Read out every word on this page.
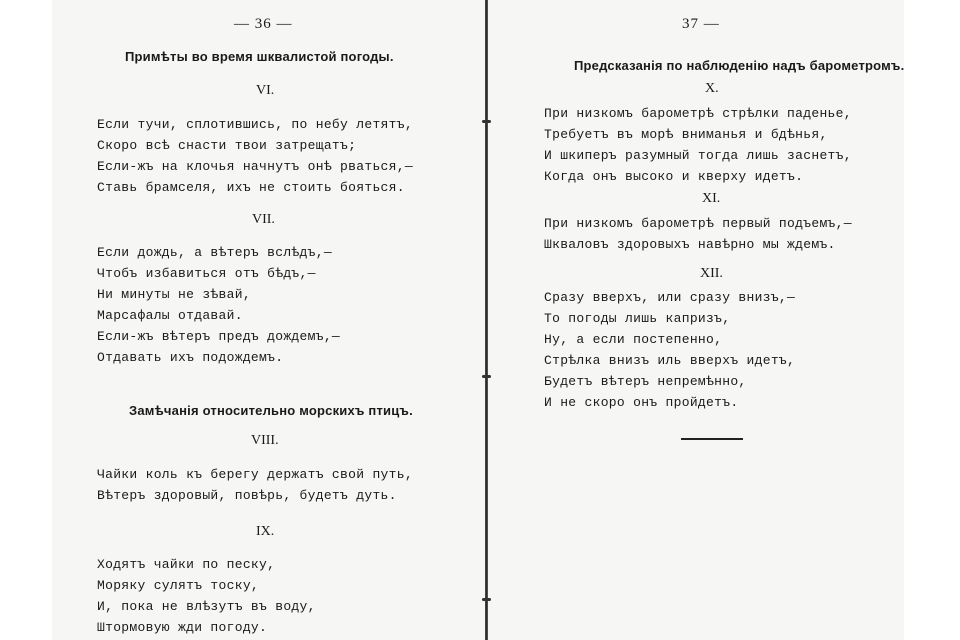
— 36 —
Примѣты во время шквалистой погоды.
VI.
Если тучи, сплотившись, по небу летятъ,
Скоро всѣ снасти твои затрещатъ;
Если-жъ на клочья начнутъ онѣ рваться,—
Ставь брамселя, ихъ не стоить бояться.
VII.
Если дождь, а вѣтеръ вслѣдъ,—
Чтобъ избавиться отъ бѣдъ,—
Ни минуты не зѣвай,
Марсафалы отдавай.
Если-жъ вѣтеръ предъ дождемъ,—
Отдавать ихъ подождемъ.
Замѣчанія относительно морскихъ птицъ.
VIII.
Чайки коль къ берегу держатъ свой путь,
Вѣтеръ здоровый, повѣрь, будетъ дуть.
IX.
Ходятъ чайки по песку,
Моряку сулятъ тоску,
И, пока не влѣзутъ въ воду,
Штормовую жди погоду.
37 —
Предсказанія по наблюденію надъ барометромъ.
X.
При низкомъ барометрѣ стрѣлки паденье,
Требуетъ въ морѣ вниманья и бдѣнья,
И шкиперъ разумный тогда лишь заснетъ,
Когда онъ высоко и кверху идетъ.
XI.
При низкомъ барометрѣ первый подъемъ,—
Шкваловъ здоровыхъ навѣрно мы ждемъ.
XII.
Сразу вверхъ, или сразу внизъ,—
То погоды лишь капризъ,
Ну, а если постепенно,
Стрѣлка внизъ иль вверхъ идетъ,
Будетъ вѣтеръ непремѣнно,
И не скоро онъ пройдетъ.
